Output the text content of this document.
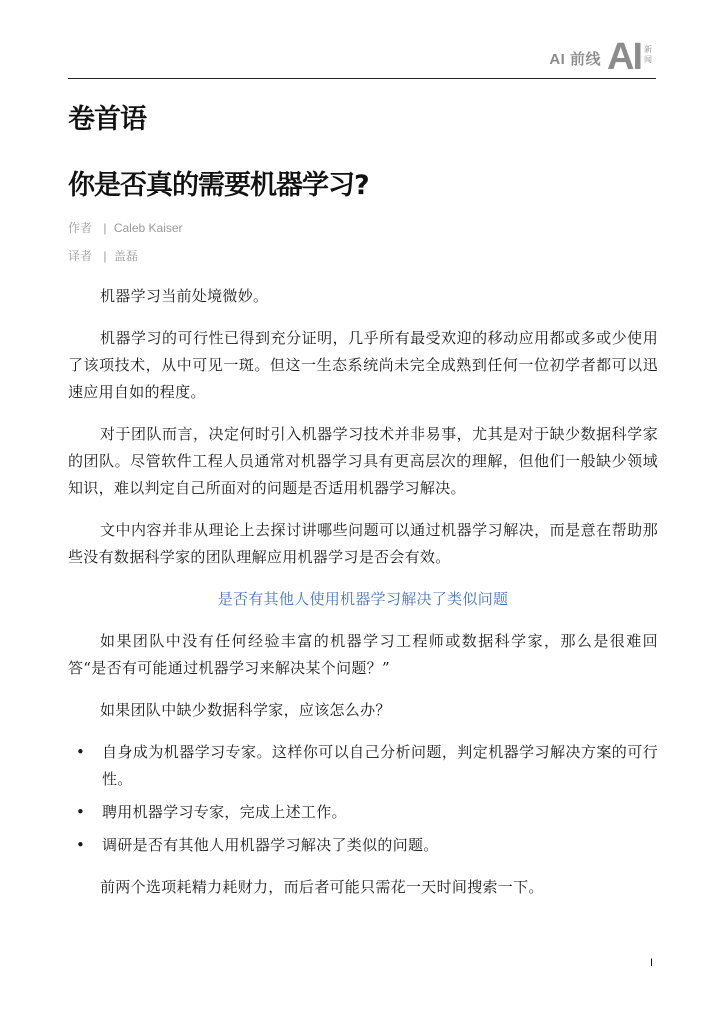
AI 前线 AI 新
闻
卷首语
你是否真的需要机器学习?
作者 | Caleb Kaiser
译者 | 盖磊

机器学习当前处境微妙。

机器学习的可行性已得到充分证明，几乎所有最受欢迎的移动应用都或多或少使用了该项技术，从中可见一斑。但这一生态系统尚未完全成熟到任何一位初学者都可以迅速应用自如的程度。

对于团队而言，决定何时引入机器学习技术并非易事，尤其是对于缺少数据科学家的团队。尽管软件工程人员通常对机器学习具有更高层次的理解，但他们一般缺少领域知识，难以判定自己所面对的问题是否适用机器学习解决。

文中内容并非从理论上去探讨讲哪些问题可以通过机器学习解决，而是意在帮助那些没有数据科学家的团队理解应用机器学习是否会有效。

是否有其他人使用机器学习解决了类似问题

如果团队中没有任何经验丰富的机器学习工程师或数据科学家，那么是很难回答“是否有可能通过机器学习来解决某个问题？”

如果团队中缺少数据科学家，应该怎么办？

• 自身成为机器学习专家。这样你可以自己分析问题，判定机器学习解决方案的可行性。
• 聘用机器学习专家，完成上述工作。
• 调研是否有其他人用机器学习解决了类似的问题。

前两个选项耗精力耗财力，而后者可能只需花一天时间搜索一下。

I
